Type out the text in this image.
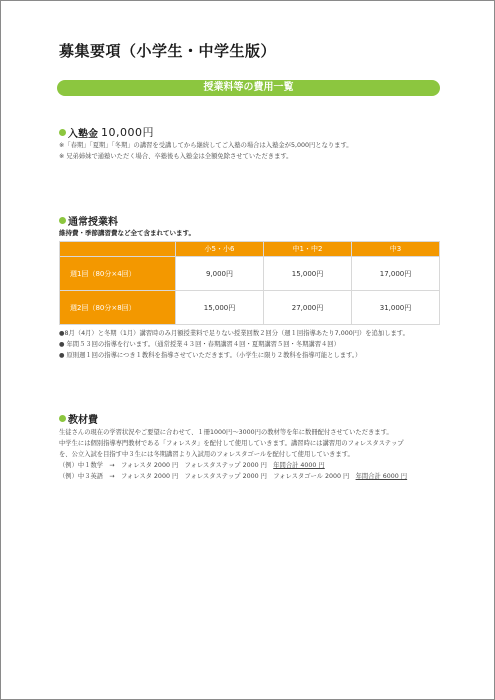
募集要項（小学生・中学生版）
授業料等の費用一覧
入塾金 10,000円
※「春期」「夏期」「冬期」の講習を受講してから継続してご入塾の場合は入塾金が5,000円となります。
※ 兄弟姉妹で通塾いただく場合、卒塾後も入塾金は全額免除させていただきます。
通常授業料
維持費・季節講習費など全て含まれています。
	小5・小6	中1・中2	中3
週1回（80分×4回）	9,000円	15,000円	17,000円
週2回（80分×8回）	15,000円	27,000円	31,000円
●8月（4月）と冬期（1月）講習時のみ月額授業料で足りない授業回数２回分（週１回指導あたり7,000円）を追加します。
● 年間５３回の指導を行います。（通常授業４３回・春期講習４回・夏期講習５回・冬期講習４回）
● 原則週１回の指導につき１教科を指導させていただきます。（小学生に限り２教科を指導可能とします。）
教材費
生徒さんの現在の学習状況やご要望に合わせて、１冊1000円～3000円の教材等を年に数冊配付させていただきます。
中学生には個別指導専門教材である「フォレスタ」を配付して使用していきます。講習時には講習用のフォレスタステップ
を、公立入試を目指す中３生には冬期講習より入試用のフォレスタゴールを配付して使用していきます。
（例）中１数学　→　フォレスタ 2000 円　フォレスタステップ 2000 円　年間合計 4000 円
（例）中３英語　→　フォレスタ 2000 円　フォレスタステップ 2000 円　フォレスタゴール 2000 円　年間合計 6000 円
